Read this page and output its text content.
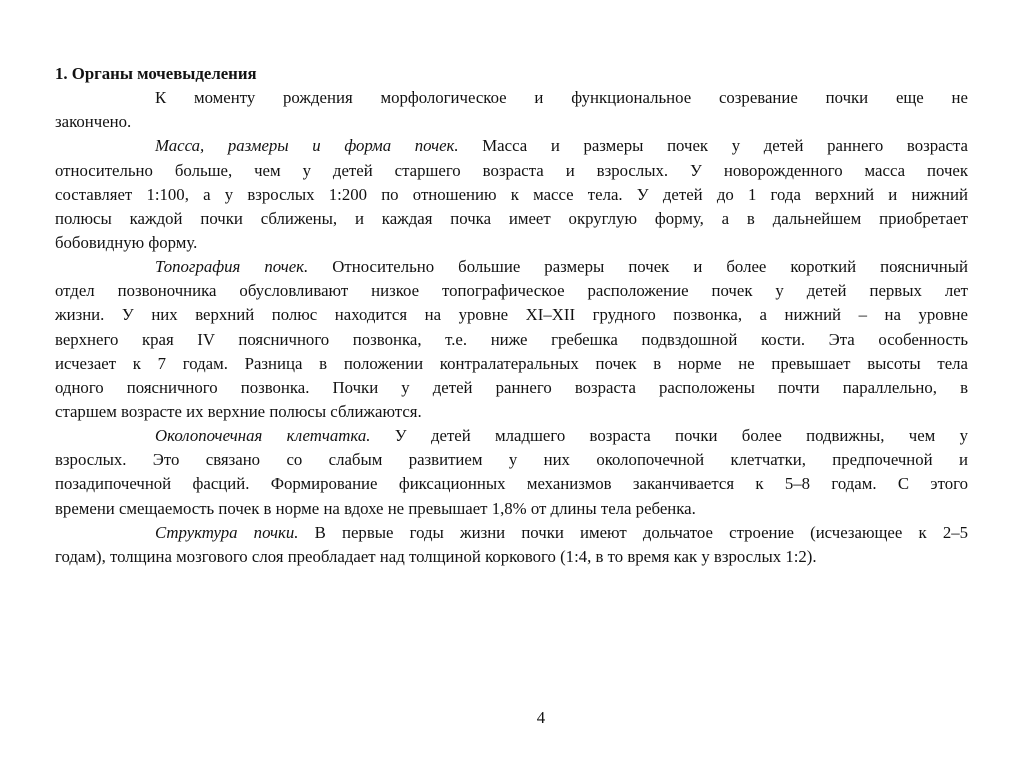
1. Органы мочевыделения
К моменту рождения морфологическое и функциональное созревание почки еще не
закончено.
Масса, размеры и форма почек. Масса и размеры почек у детей раннего возраста
относительно больше, чем у детей старшего возраста и взрослых. У новорожденного масса почек
составляет 1:100, а у взрослых 1:200 по отношению к массе тела. У детей до 1 года верхний и нижний
полюсы каждой почки сближены, и каждая почка имеет округлую форму, а в дальнейшем приобретает
бобовидную форму.
Топография почек. Относительно большие размеры почек и более короткий поясничный
отдел позвоночника обусловливают низкое топографическое расположение почек у детей первых лет
жизни. У них верхний полюс находится на уровне XI–XII грудного позвонка, а нижний – на уровне
верхнего края IV поясничного позвонка, т.е. ниже гребешка подвздошной кости. Эта особенность
исчезает к 7 годам. Разница в положении контралатеральных почек в норме не превышает высоты тела
одного поясничного позвонка. Почки у детей раннего возраста расположены почти параллельно, в
старшем возрасте их верхние полюсы сближаются.
Околопочечная клетчатка. У детей младшего возраста почки более подвижны, чем у
взрослых. Это связано со слабым развитием у них околопочечной клетчатки, предпочечной и
позадипочечной фасций. Формирование фиксационных механизмов заканчивается к 5–8 годам. С этого
времени смещаемость почек в норме на вдохе не превышает 1,8% от длины тела ребенка.
Структура почки. В первые годы жизни почки имеют дольчатое строение (исчезающее к 2–5
годам), толщина мозгового слоя преобладает над толщиной коркового (1:4, в то время как у взрослых 1:2).
4
